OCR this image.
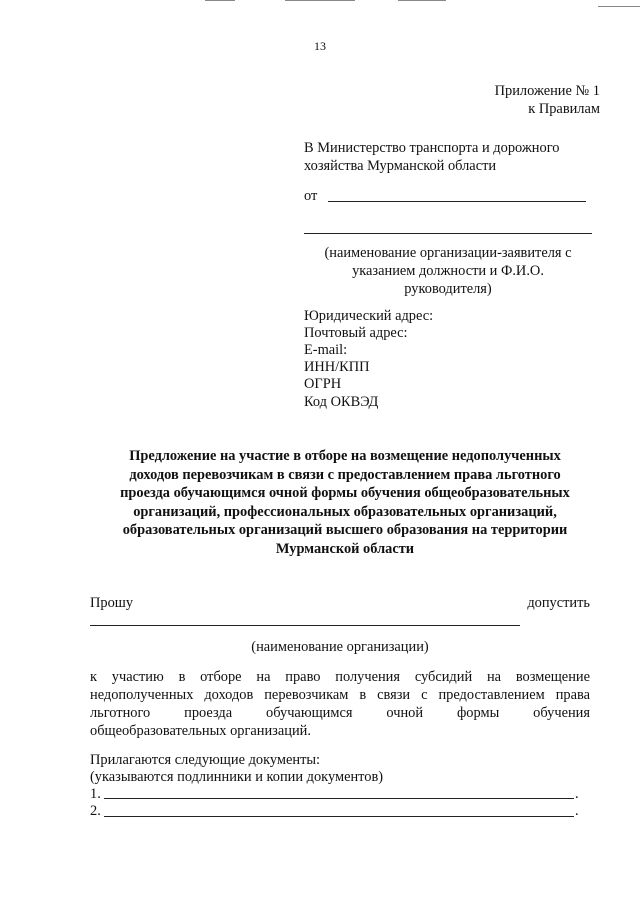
13
Приложение № 1
к Правилам
В Министерство транспорта и дорожного
хозяйства Мурманской области
от
(наименование организации-заявителя с
указанием должности и Ф.И.О.
руководителя)
Юридический адрес:
Почтовый адрес:
E-mail:
ИНН/КПП
ОГРН
Код ОКВЭД
Предложение на участие в отборе на возмещение недополученных
доходов перевозчикам в связи с предоставлением права льготного
проезда обучающимся очной формы обучения общеобразовательных
организаций, профессиональных образовательных организаций,
образовательных организаций высшего образования на территории
Мурманской области
Прошу	допустить
(наименование организации)
к участию в отборе на право получения субсидий на возмещение
недополученных доходов перевозчикам в связи с предоставлением права
льготного проезда обучающимся очной формы обучения
общеобразовательных организаций.
Прилагаются следующие документы:
(указываются подлинники и копии документов)
1.	.
2.	.
